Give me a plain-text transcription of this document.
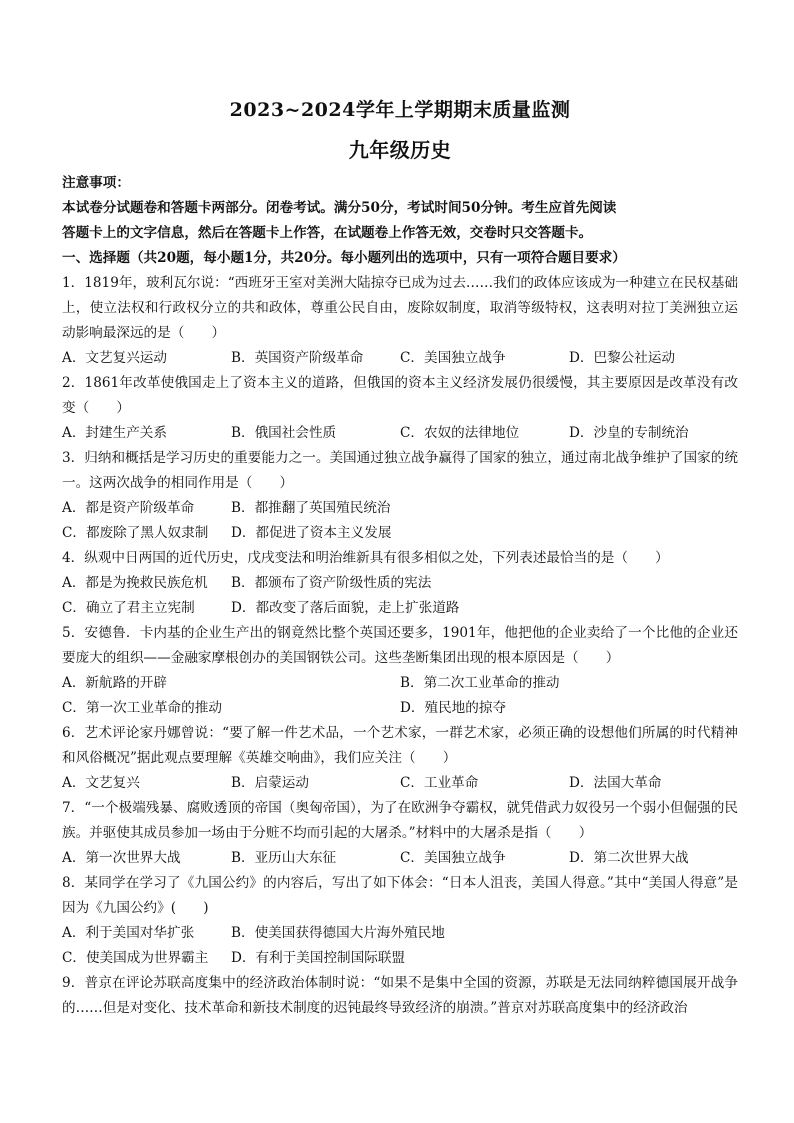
2023~2024学年上学期期末质量监测
九年级历史
注意事项：
本试卷分试题卷和答题卡两部分。闭卷考试。满分50分，考试时间50分钟。考生应首先阅读
答题卡上的文字信息，然后在答题卡上作答，在试题卷上作答无效，交卷时只交答题卡。
一、选择题（共20题，每小题1分，共20分。每小题列出的选项中，只有一项符合题目要求）
1．1819年，玻利瓦尔说：“西班牙王室对美洲大陆掠夺已成为过去……我们的政体应该成为一种建立在民权基础上，使立法权和行政权分立的共和政体，尊重公民自由，废除奴制度，取消等级特权，这表明对拉丁美洲独立运动影响最深远的是（　　）
A．文艺复兴运动	B．英国资产阶级革命	C．美国独立战争	D．巴黎公社运动
2．1861年改革使俄国走上了资本主义的道路，但俄国的资本主义经济发展仍很缓慢，其主要原因是改革没有改变（　　）
A．封建生产关系	B．俄国社会性质	C．农奴的法律地位	D．沙皇的专制统治
3．归纳和概括是学习历史的重要能力之一。美国通过独立战争赢得了国家的独立，通过南北战争维护了国家的统一。这两次战争的相同作用是（　　）
A．都是资产阶级革命	B．都推翻了英国殖民统治
C．都废除了黑人奴隶制	D．都促进了资本主义发展
4．纵观中日两国的近代历史，戊戌变法和明治维新具有很多相似之处，下列表述最恰当的是（　　）
A．都是为挽救民族危机	B．都颁布了资产阶级性质的宪法
C．确立了君主立宪制	D．都改变了落后面貌，走上扩张道路
5．安德鲁．卡内基的企业生产出的钢竟然比整个英国还要多，1901年，他把他的企业卖给了一个比他的企业还要庞大的组织——金融家摩根创办的美国钢铁公司。这些垄断集团出现的根本原因是（　　）
A．新航路的开辟	B．第二次工业革命的推动
C．第一次工业革命的推动	D．殖民地的掠夺
6．艺术评论家丹娜曾说：“要了解一件艺术品，一个艺术家，一群艺术家，必须正确的设想他们所属的时代精神和风俗概况”据此观点要理解《英雄交响曲》，我们应关注（　　）
A．文艺复兴	B．启蒙运动	C．工业革命	D．法国大革命
7．“一个极端残暴、腐败透顶的帝国（奥匈帝国），为了在欧洲争夺霸权，就凭借武力奴役另一个弱小但倔强的民族。并驱使其成员参加一场由于分赃不均而引起的大屠杀。”材料中的大屠杀是指（　　）
A．第一次世界大战	B．亚历山大东征	C．美国独立战争	D．第二次世界大战
8．某同学在学习了《九国公约》的内容后，写出了如下体会：“日本人沮丧，美国人得意。”其中“美国人得意”是因为《九国公约》(　　)
A．利于美国对华扩张	B．使美国获得德国大片海外殖民地
C．使美国成为世界霸主	D．有利于美国控制国际联盟
9．普京在评论苏联高度集中的经济政治体制时说：“如果不是集中全国的资源，苏联是无法同纳粹德国展开战争的……但是对变化、技术革命和新技术制度的迟钝最终导致经济的崩溃。”普京对苏联高度集中的经济政治
